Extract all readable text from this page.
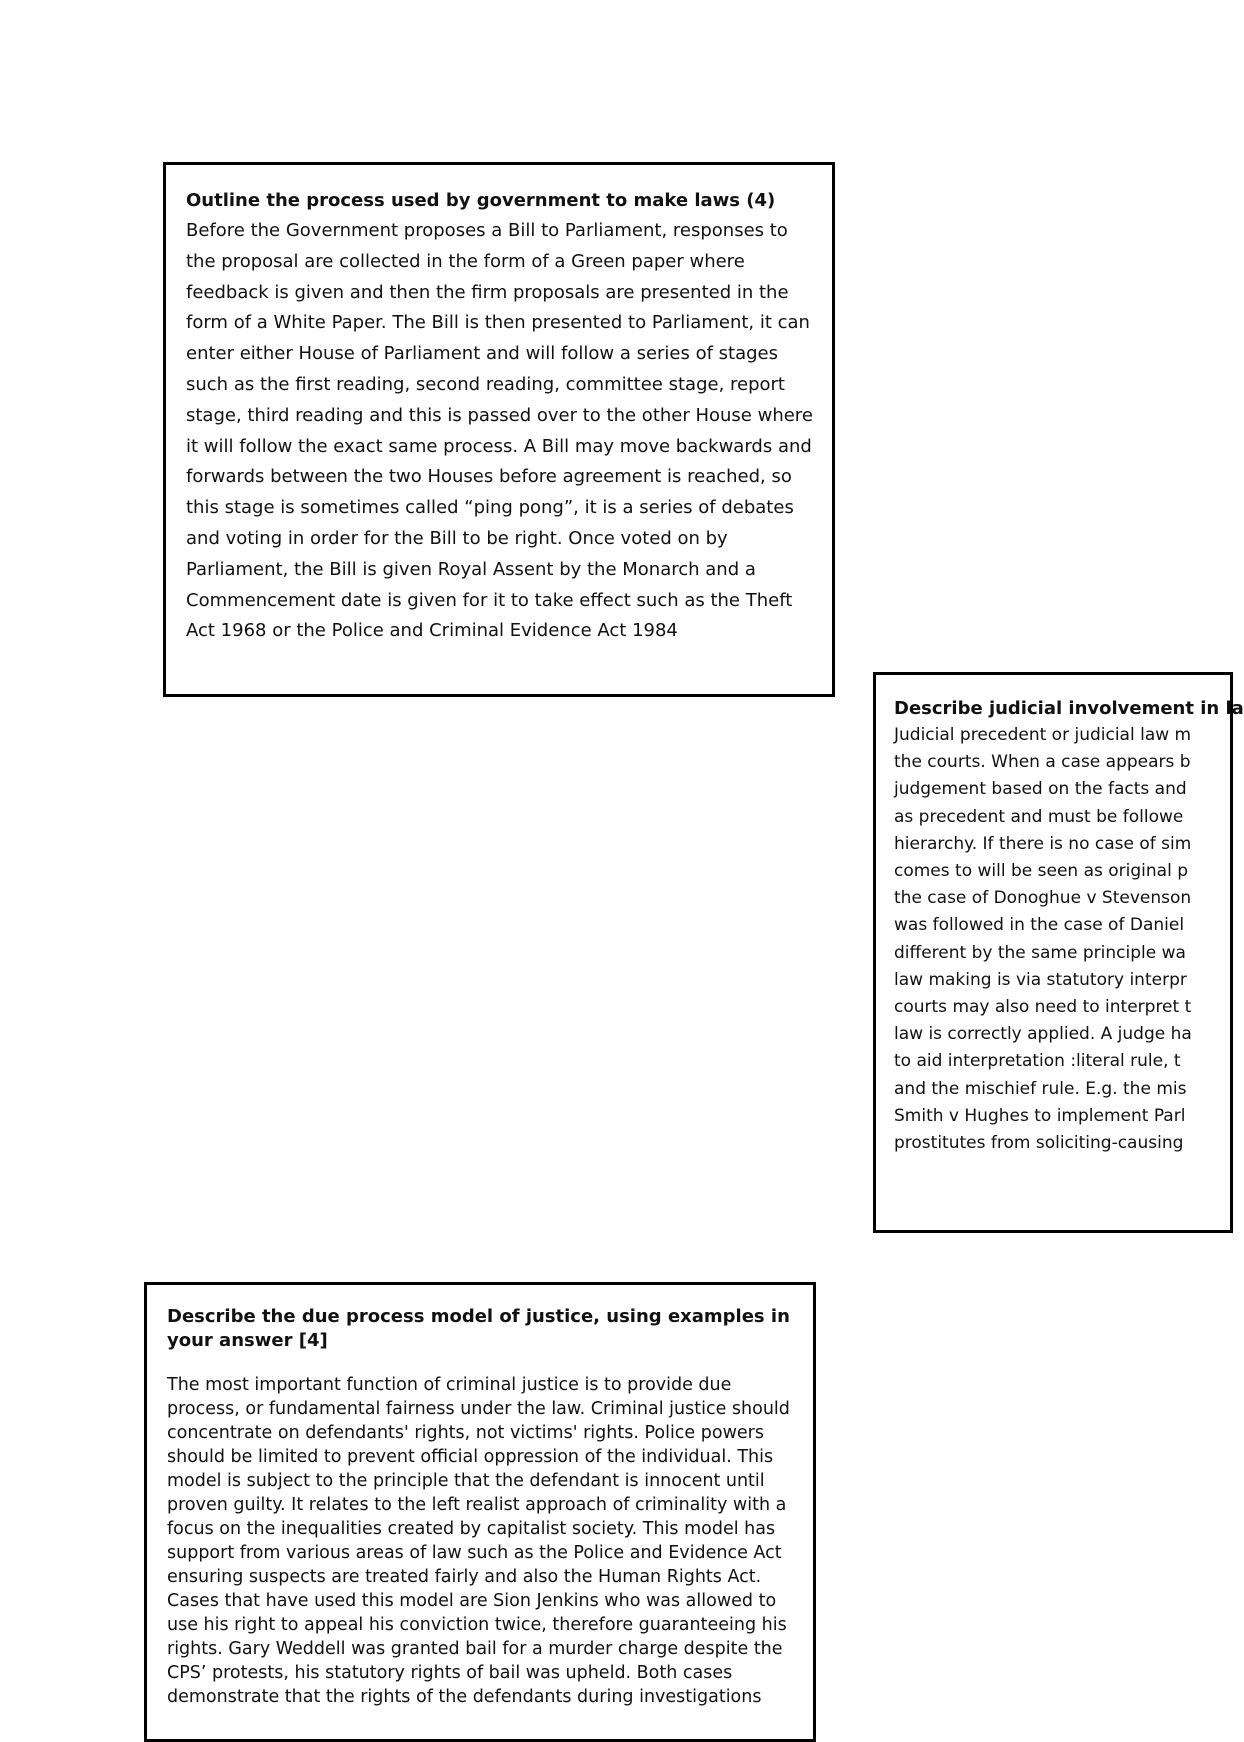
Outline the process used by government to make laws (4)

Before the Government proposes a Bill to Parliament, responses to the proposal are collected in the form of a Green paper where feedback is given and then the firm proposals are presented in the form of a White Paper. The Bill is then presented to Parliament, it can enter either House of Parliament and will follow a series of stages such as the first reading, second reading, committee stage, report stage, third reading and this is passed over to the other House where it will follow the exact same process. A Bill may move backwards and forwards between the two Houses before agreement is reached, so this stage is sometimes called “ping pong”, it is a series of debates and voting in order for the Bill to be right. Once voted on by Parliament, the Bill is given Royal Assent by the Monarch and a Commencement date is given for it to take effect such as the Theft Act 1968 or the Police and Criminal Evidence Act 1984

Describe judicial involvement in la

Judicial precedent or judicial law m
the courts. When a case appears b
judgement based on the facts and
as precedent and must be followe
hierarchy. If there is no case of sim
comes to will be seen as original p
the case of Donoghue v Stevenson
was followed in the case of Daniel
different by the same principle wa
law making is via statutory interpr
courts may also need to interpret t
law is correctly applied. A judge ha
to aid interpretation :literal rule, t
and the mischief rule. E.g. the mis
Smith v Hughes to implement Parl
prostitutes from soliciting-causing

Describe the due process model of justice, using examples in your answer [4]

The most important function of criminal justice is to provide due process, or fundamental fairness under the law. Criminal justice should concentrate on defendants' rights, not victims' rights. Police powers should be limited to prevent official oppression of the individual. This model is subject to the principle that the defendant is innocent until proven guilty. It relates to the left realist approach of criminality with a focus on the inequalities created by capitalist society. This model has support from various areas of law such as the Police and Evidence Act ensuring suspects are treated fairly and also the Human Rights Act. Cases that have used this model are Sion Jenkins who was allowed to use his right to appeal his conviction twice, therefore guaranteeing his rights. Gary Weddell was granted bail for a murder charge despite the CPS’ protests, his statutory rights of bail was upheld. Both cases demonstrate that the rights of the defendants during investigations
